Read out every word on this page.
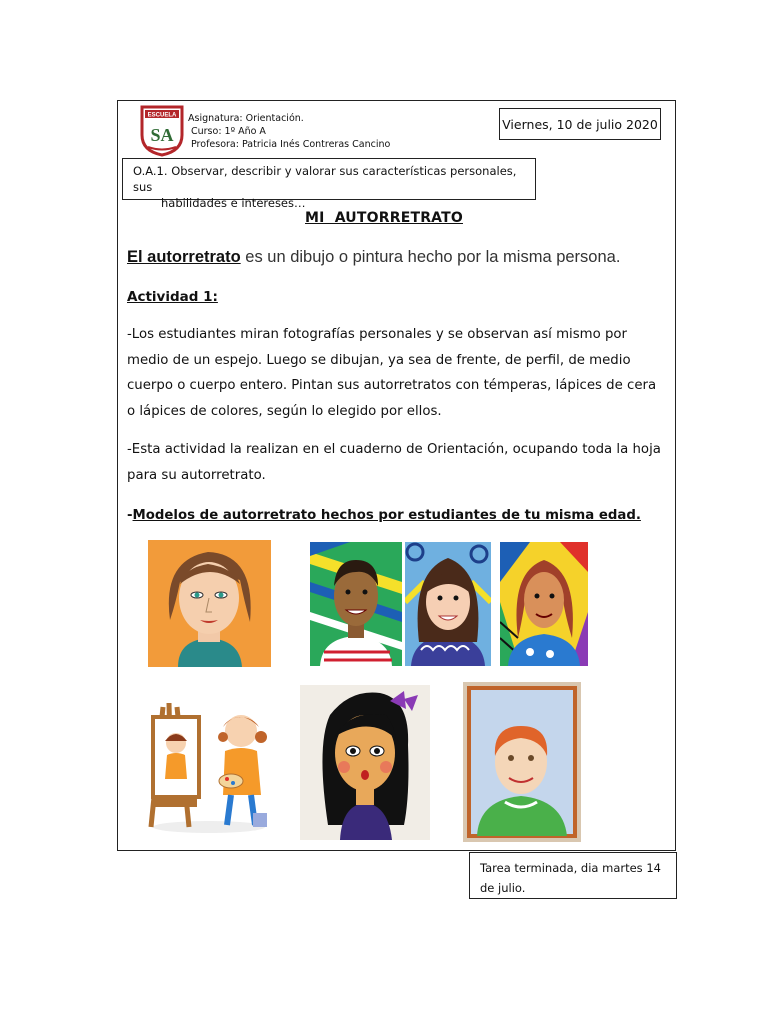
ESCUELA
SA
Asignatura: Orientación.
Curso: 1º Año A
Profesora: Patricia Inés Contreras Cancino
Viernes, 10 de julio 2020
O.A.1. Observar, describir y valorar sus características personales, sus
habilidades e intereses…
MI  AUTORRETRATO
El autorretrato es un dibujo o pintura hecho por la misma persona.
Actividad 1:
-Los estudiantes miran fotografías personales y se observan así mismo por medio de un espejo. Luego se dibujan, ya sea de frente, de perfil, de medio cuerpo o cuerpo entero. Pintan sus autorretratos con témperas, lápices de cera o lápices de colores, según lo elegido por ellos.
-Esta actividad la realizan en el cuaderno de Orientación, ocupando toda la hoja para su autorretrato.
-Modelos de autorretrato hechos por estudiantes de tu misma edad.
Tarea terminada, dia martes 14 de julio.
